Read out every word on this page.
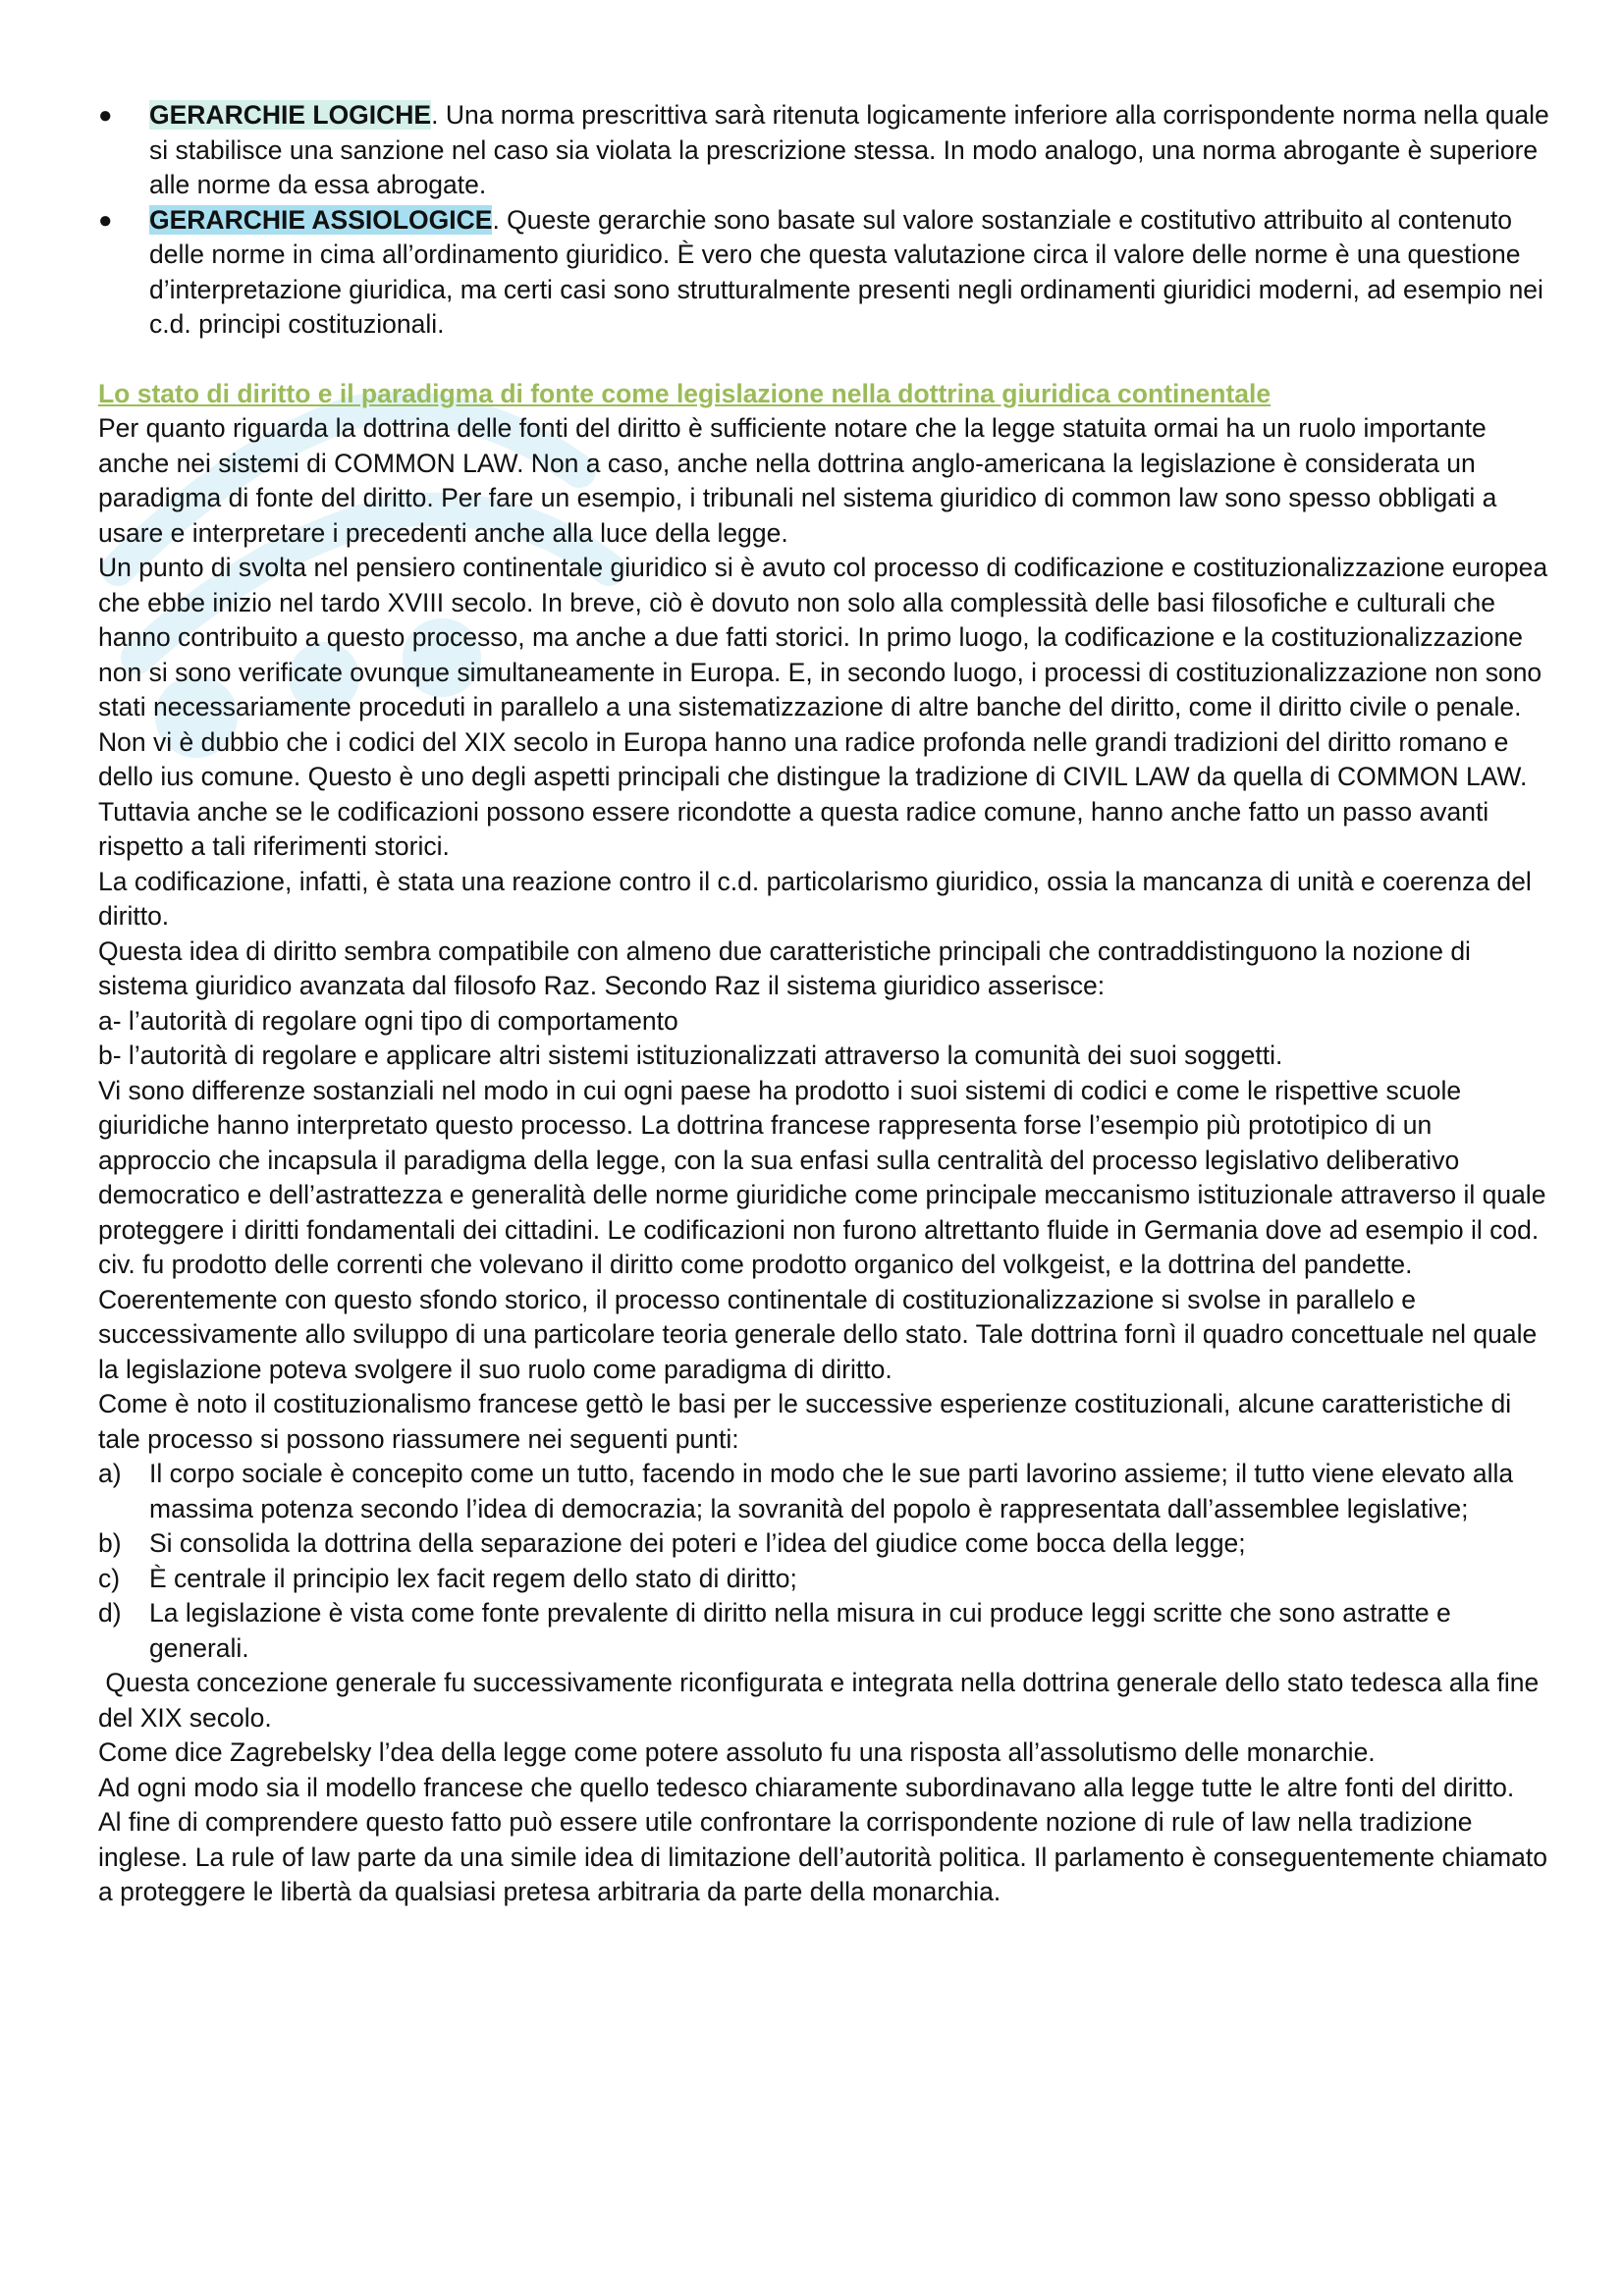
● GERARCHIE LOGICHE. Una norma prescrittiva sarà ritenuta logicamente inferiore alla corrispondente norma nella quale si stabilisce una sanzione nel caso sia violata la prescrizione stessa. In modo analogo, una norma abrogante è superiore alle norme da essa abrogate.
● GERARCHIE ASSIOLOGICE. Queste gerarchie sono basate sul valore sostanziale e costitutivo attribuito al contenuto delle norme in cima all’ordinamento giuridico. È vero che questa valutazione circa il valore delle norme è una questione d’interpretazione giuridica, ma certi casi sono strutturalmente presenti negli ordinamenti giuridici moderni, ad esempio nei c.d. principi costituzionali.

Lo stato di diritto e il paradigma di fonte come legislazione nella dottrina giuridica continentale

Per quanto riguarda la dottrina delle fonti del diritto è sufficiente notare che la legge statuita ormai ha un ruolo importante anche nei sistemi di COMMON LAW. Non a caso, anche nella dottrina anglo-americana la legislazione è considerata un paradigma di fonte del diritto. Per fare un esempio, i tribunali nel sistema giuridico di common law sono spesso obbligati a usare e interpretare i precedenti anche alla luce della legge.

Un punto di svolta nel pensiero continentale giuridico si è avuto col processo di codificazione e costituzionalizzazione europea che ebbe inizio nel tardo XVIII secolo. In breve, ciò è dovuto non solo alla complessità delle basi filosofiche e culturali che hanno contribuito a questo processo, ma anche a due fatti storici. In primo luogo, la codificazione e la costituzionalizzazione non si sono verificate ovunque simultaneamente in Europa. E, in secondo luogo, i processi di costituzionalizzazione non sono stati necessariamente proceduti in parallelo a una sistematizzazione di altre banche del diritto, come il diritto civile o penale.

Non vi è dubbio che i codici del XIX secolo in Europa hanno una radice profonda nelle grandi tradizioni del diritto romano e dello ius comune. Questo è uno degli aspetti principali che distingue la tradizione di CIVIL LAW da quella di COMMON LAW. Tuttavia anche se le codificazioni possono essere ricondotte a questa radice comune, hanno anche fatto un passo avanti rispetto a tali riferimenti storici.

La codificazione, infatti, è stata una reazione contro il c.d. particolarismo giuridico, ossia la mancanza di unità e coerenza del diritto.

Questa idea di diritto sembra compatibile con almeno due caratteristiche principali che contraddistinguono la nozione di sistema giuridico avanzata dal filosofo Raz. Secondo Raz il sistema giuridico asserisce:

a- l’autorità di regolare ogni tipo di comportamento

b- l’autorità di regolare e applicare altri sistemi istituzionalizzati attraverso la comunità dei suoi soggetti.

Vi sono differenze sostanziali nel modo in cui ogni paese ha prodotto i suoi sistemi di codici e come le rispettive scuole giuridiche hanno interpretato questo processo. La dottrina francese rappresenta forse l’esempio più prototipico di un approccio che incapsula il paradigma della legge, con la sua enfasi sulla centralità del processo legislativo deliberativo democratico e dell’astrattezza e generalità delle norme giuridiche come principale meccanismo istituzionale attraverso il quale proteggere i diritti fondamentali dei cittadini. Le codificazioni non furono altrettanto fluide in Germania dove ad esempio il cod. civ. fu prodotto delle correnti che volevano il diritto come prodotto organico del volkgeist, e la dottrina del pandette.

Coerentemente con questo sfondo storico, il processo continentale di costituzionalizzazione si svolse in parallelo e successivamente allo sviluppo di una particolare teoria generale dello stato. Tale dottrina fornì il quadro concettuale nel quale la legislazione poteva svolgere il suo ruolo come paradigma di diritto.

Come è noto il costituzionalismo francese gettò le basi per le successive esperienze costituzionali, alcune caratteristiche di tale processo si possono riassumere nei seguenti punti:

a) Il corpo sociale è concepito come un tutto, facendo in modo che le sue parti lavorino assieme; il tutto viene elevato alla massima potenza secondo l’idea di democrazia; la sovranità del popolo è rappresentata dall’assemblee legislative;
b) Si consolida la dottrina della separazione dei poteri e l’idea del giudice come bocca della legge;
c) È centrale il principio lex facit regem dello stato di diritto;
d) La legislazione è vista come fonte prevalente di diritto nella misura in cui produce leggi scritte che sono astratte e generali.

Questa concezione generale fu successivamente riconfigurata e integrata nella dottrina generale dello stato tedesca alla fine del XIX secolo.

Come dice Zagrebelsky l’dea della legge come potere assoluto fu una risposta all’assolutismo delle monarchie.

Ad ogni modo sia il modello francese che quello tedesco chiaramente subordinavano alla legge tutte le altre fonti del diritto.

Al fine di comprendere questo fatto può essere utile confrontare la corrispondente nozione di rule of law nella tradizione inglese. La rule of law parte da una simile idea di limitazione dell’autorità politica. Il parlamento è conseguentemente chiamato a proteggere le libertà da qualsiasi pretesa arbitraria da parte della monarchia.
